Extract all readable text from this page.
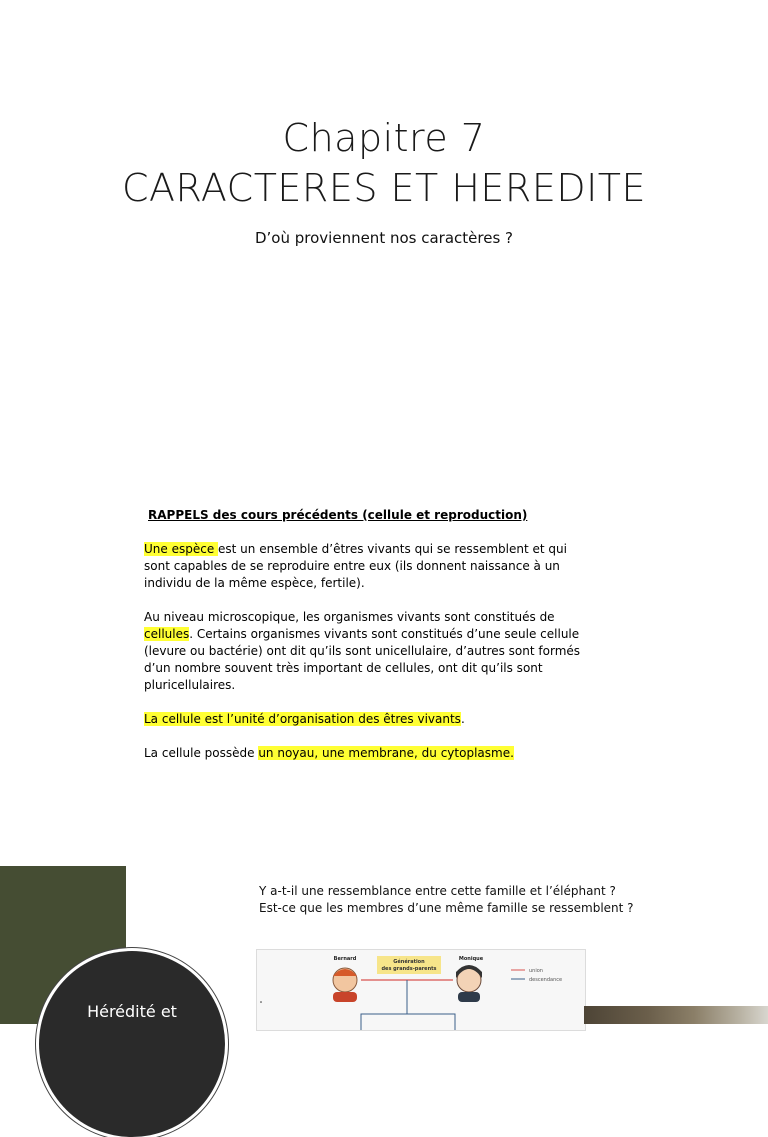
Chapitre 7
CARACTERES ET HEREDITE
D’où proviennent nos caractères ?
RAPPELS des cours précédents (cellule et reproduction)

Une espèce est un ensemble d’êtres vivants qui se ressemblent et qui sont capables de se reproduire entre eux (ils donnent naissance à un individu de la même espèce, fertile).

Au niveau microscopique, les organismes vivants sont constitués de cellules. Certains organismes vivants sont constitués d’une seule cellule (levure ou bactérie) ont dit qu’ils sont unicellulaire, d’autres sont formés d’un nombre souvent très important de cellules, ont dit qu’ils sont pluricellulaires.

La cellule est l’unité d’organisation des êtres vivants.

La cellule possède un noyau, une membrane, du cytoplasme.

Hérédité et
Y a-t-il une ressemblance entre cette famille et l’éléphant ?
Est-ce que les membres d’une même famille se ressemblent ?
Bernard	Monique
Génération
des grands-parents	union
descendance
